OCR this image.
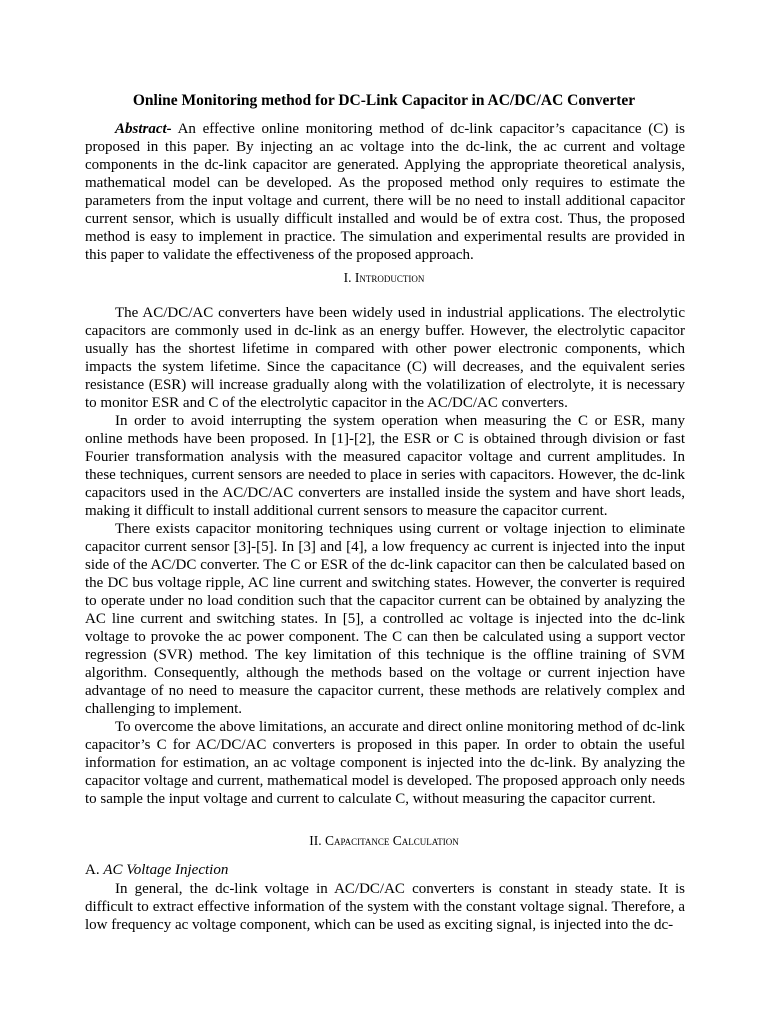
Online Monitoring method for DC-Link Capacitor in AC/DC/AC Converter

Abstract- An effective online monitoring method of dc-link capacitor’s capacitance (C) is proposed in this paper. By injecting an ac voltage into the dc-link, the ac current and voltage components in the dc-link capacitor are generated. Applying the appropriate theoretical analysis, mathematical model can be developed. As the proposed method only requires to estimate the parameters from the input voltage and current, there will be no need to install additional capacitor current sensor, which is usually difficult installed and would be of extra cost. Thus, the proposed method is easy to implement in practice. The simulation and experimental results are provided in this paper to validate the effectiveness of the proposed approach.

I. Introduction

The AC/DC/AC converters have been widely used in industrial applications. The electrolytic capacitors are commonly used in dc-link as an energy buffer. However, the electrolytic capacitor usually has the shortest lifetime in compared with other power electronic components, which impacts the system lifetime. Since the capacitance (C) will decreases, and the equivalent series resistance (ESR) will increase gradually along with the volatilization of electrolyte, it is necessary to monitor ESR and C of the electrolytic capacitor in the AC/DC/AC converters.

In order to avoid interrupting the system operation when measuring the C or ESR, many online methods have been proposed. In [1]-[2], the ESR or C is obtained through division or fast Fourier transformation analysis with the measured capacitor voltage and current amplitudes. In these techniques, current sensors are needed to place in series with capacitors. However, the dc-link capacitors used in the AC/DC/AC converters are installed inside the system and have short leads, making it difficult to install additional current sensors to measure the capacitor current.

There exists capacitor monitoring techniques using current or voltage injection to eliminate capacitor current sensor [3]-[5]. In [3] and [4], a low frequency ac current is injected into the input side of the AC/DC converter. The C or ESR of the dc-link capacitor can then be calculated based on the DC bus voltage ripple, AC line current and switching states. However, the converter is required to operate under no load condition such that the capacitor current can be obtained by analyzing the AC line current and switching states. In [5], a controlled ac voltage is injected into the dc-link voltage to provoke the ac power component. The C can then be calculated using a support vector regression (SVR) method. The key limitation of this technique is the offline training of SVM algorithm. Consequently, although the methods based on the voltage or current injection have advantage of no need to measure the capacitor current, these methods are relatively complex and challenging to implement.

To overcome the above limitations, an accurate and direct online monitoring method of dc-link capacitor’s C for AC/DC/AC converters is proposed in this paper. In order to obtain the useful information for estimation, an ac voltage component is injected into the dc-link. By analyzing the capacitor voltage and current, mathematical model is developed. The proposed approach only needs to sample the input voltage and current to calculate C, without measuring the capacitor current.

II. Capacitance Calculation
A. AC Voltage Injection

In general, the dc-link voltage in AC/DC/AC converters is constant in steady state. It is difficult to extract effective information of the system with the constant voltage signal. Therefore, a low frequency ac voltage component, which can be used as exciting signal, is injected into the dc-
